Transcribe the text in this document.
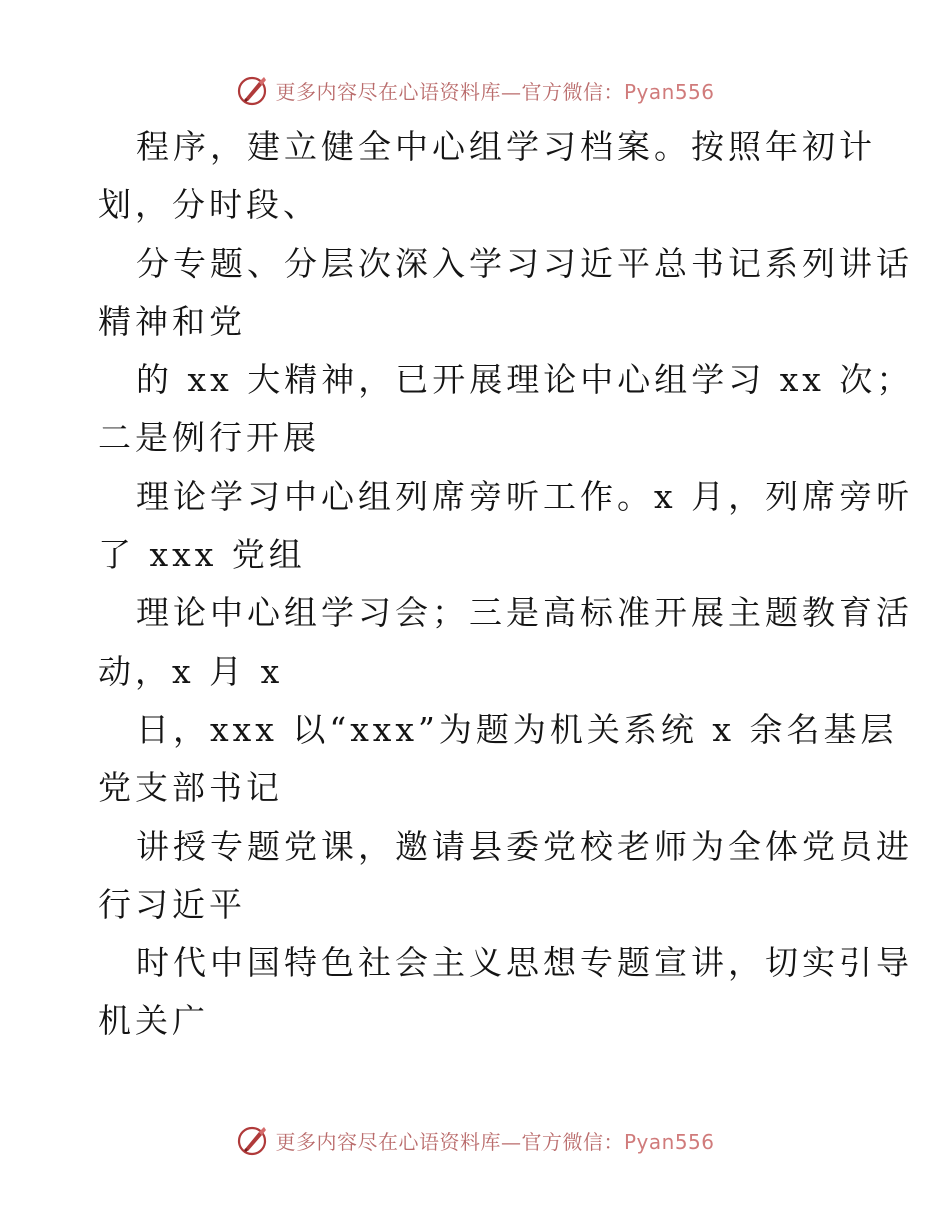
更多内容尽在心语资料库—官方微信：Pyan556
程序，建立健全中心组学习档案。按照年初计
划，分时段、
分专题、分层次深入学习习近平总书记系列讲话
精神和党
的 xx 大精神，已开展理论中心组学习 xx 次；
二是例行开展
理论学习中心组列席旁听工作。x 月，列席旁听
了 xxx 党组
理论中心组学习会；三是高标准开展主题教育活
动，x 月 x
日，xxx 以“xxx”为题为机关系统 x 余名基层
党支部书记
讲授专题党课，邀请县委党校老师为全体党员进
行习近平
时代中国特色社会主义思想专题宣讲，切实引导
机关广
更多内容尽在心语资料库—官方微信：Pyan556
